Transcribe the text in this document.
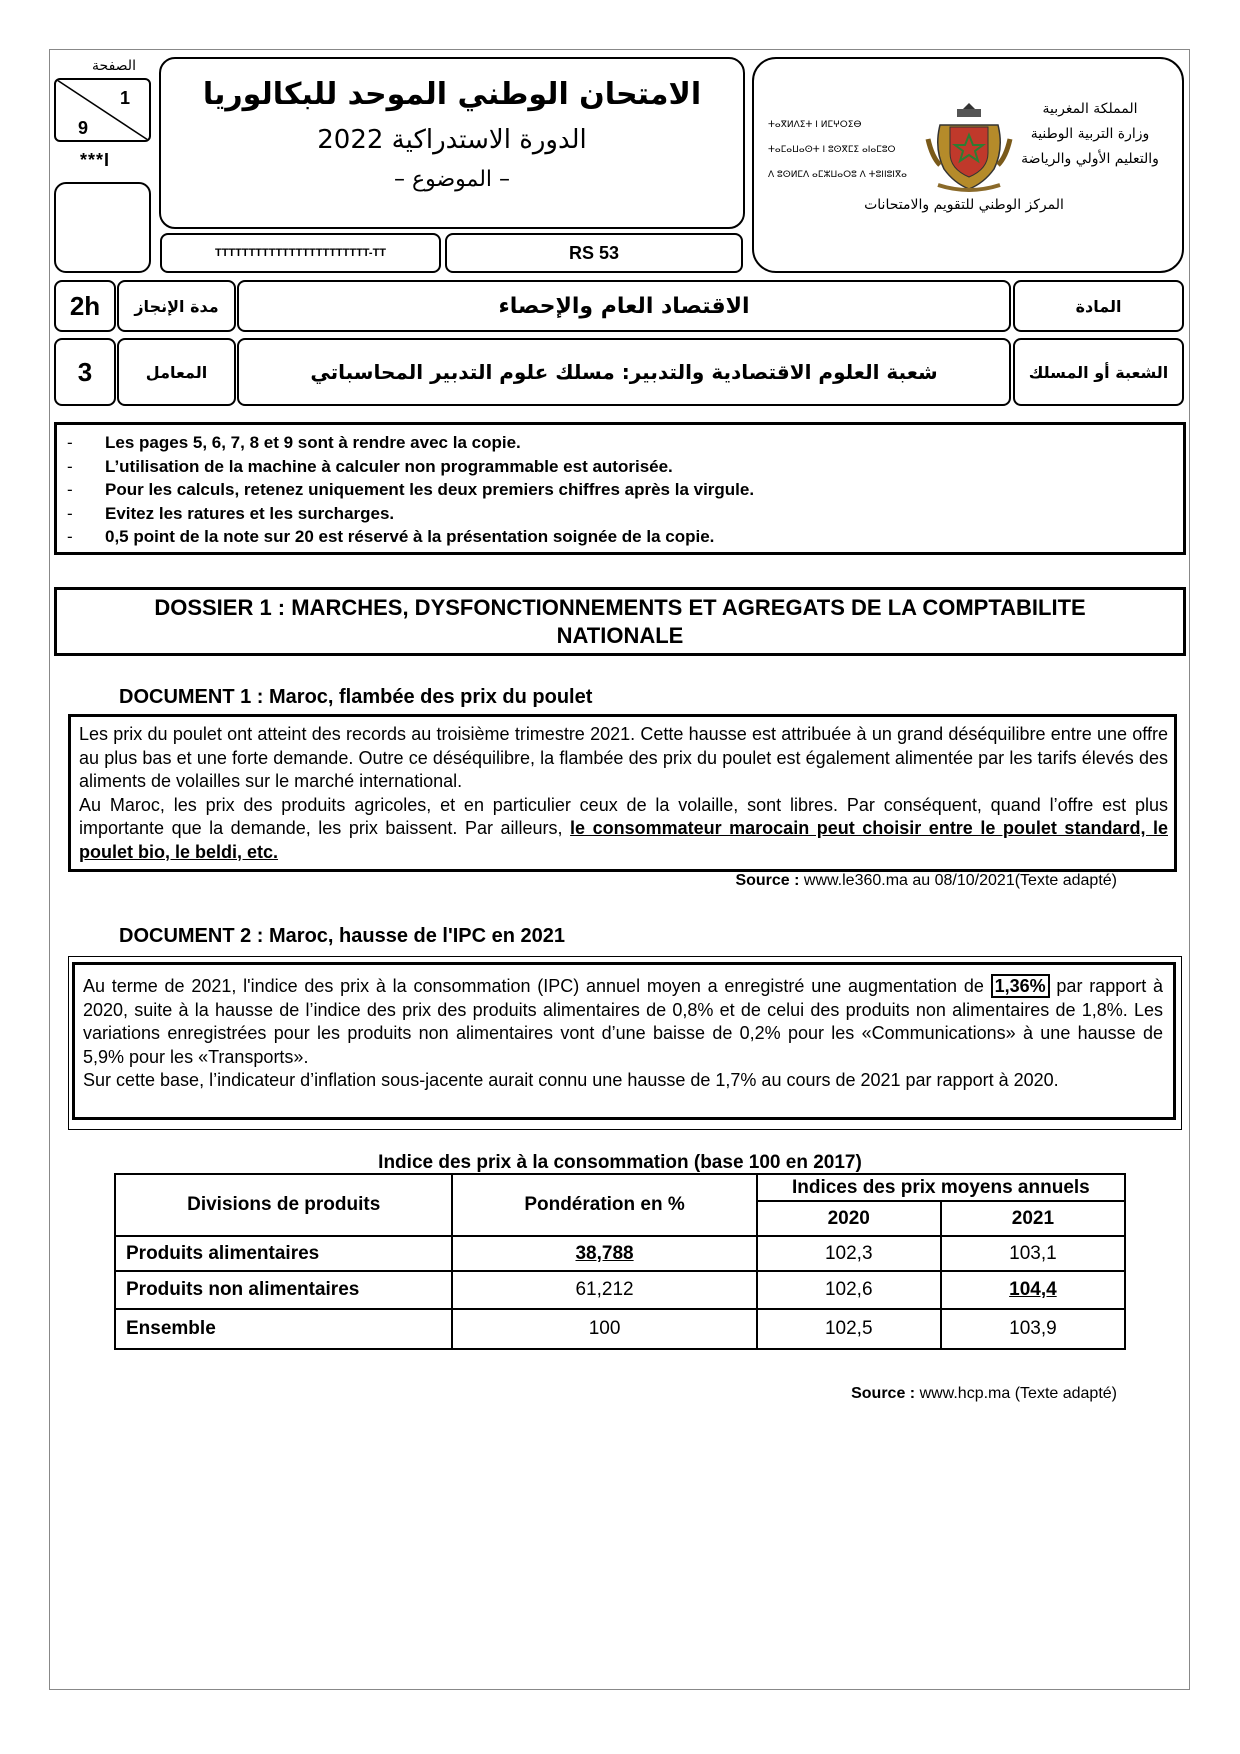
الصفحة
1
9
***I
الامتحان الوطني الموحد للبكالوريا
الدورة الاستدراكية 2022
– الموضوع –
TTTTTTTTTTTTTTTTTTTTTTT-TT	RS 53
ⵜⴰⴳⵍⴷⵉⵜ ⵏ ⵍⵎⵖⵔⵉⴱ
ⵜⴰⵎⴰⵡⴰⵙⵜ ⵏ ⵓⵙⴳⵎⵉ ⴰⵏⴰⵎⵓⵔ
ⴷ ⵓⵙⵍⵎⴷ ⴰⵎⵣⵡⴰⵔⵓ ⴷ ⵜⵓⵏⵏⵓⵏⴳⴰ
المملكة المغربية
وزارة التربية الوطنية
والتعليم الأولي والرياضة
المركز الوطني للتقويم والامتحانات
2h	مدة الإنجاز	الاقتصاد العام والإحصاء	المادة
3	المعامل	شعبة العلوم الاقتصادية والتدبير: مسلك علوم التدبير المحاسباتي	الشعبة أو المسلك
-	Les pages 5, 6, 7, 8 et 9 sont à rendre avec la copie.
-	L’utilisation de la machine à calculer non programmable est autorisée.
-	Pour les calculs, retenez uniquement les deux premiers chiffres après la virgule.
-	Evitez les ratures et les surcharges.
-	0,5 point de la note sur 20 est réservé à la présentation soignée de la copie.
DOSSIER 1 : MARCHES, DYSFONCTIONNEMENTS ET AGREGATS DE LA COMPTABILITE NATIONALE
DOCUMENT 1 : Maroc, flambée des prix du poulet
Les prix du poulet ont atteint des records au troisième trimestre 2021. Cette hausse est attribuée à un grand déséquilibre entre une offre au plus bas et une forte demande. Outre ce déséquilibre, la flambée des prix du poulet est également alimentée par les tarifs élevés des aliments de volailles sur le marché international.
Au Maroc, les prix des produits agricoles, et en particulier ceux de la volaille, sont libres. Par conséquent, quand l’offre est plus importante que la demande, les prix baissent. Par ailleurs, le consommateur marocain peut choisir entre le poulet standard, le poulet bio, le beldi, etc.
Source : www.le360.ma au 08/10/2021(Texte adapté)
DOCUMENT 2 : Maroc, hausse de l'IPC en 2021
Au terme de 2021, l'indice des prix à la consommation (IPC) annuel moyen a enregistré une augmentation de 1,36% par rapport à 2020, suite à la hausse de l’indice des prix des produits alimentaires de 0,8% et de celui des produits non alimentaires de 1,8%. Les variations enregistrées pour les produits non alimentaires vont d’une baisse de 0,2% pour les «Communications» à une hausse de 5,9% pour les «Transports».
Sur cette base, l’indicateur d’inflation sous-jacente aurait connu une hausse de 1,7% au cours de 2021 par rapport à 2020.
Indice des prix à la consommation (base 100 en 2017)
Divisions de produits	Pondération en %	Indices des prix moyens annuels	
		2020	2021
Produits alimentaires	38,788	102,3	103,1
Produits non alimentaires	61,212	102,6	104,4
Ensemble	100	102,5	103,9
Source : www.hcp.ma (Texte adapté)
